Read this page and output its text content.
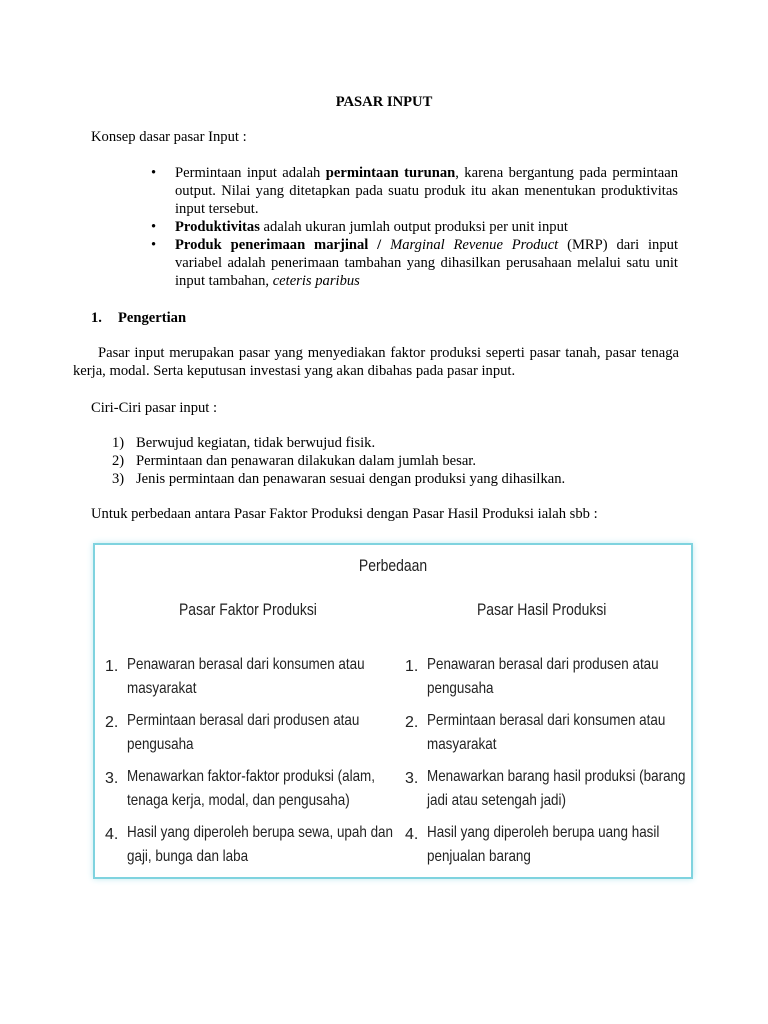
PASAR INPUT
Konsep dasar pasar Input :
• Permintaan input adalah permintaan turunan, karena bergantung pada permintaan output. Nilai yang ditetapkan pada suatu produk itu akan menentukan produktivitas input tersebut.
• Produktivitas adalah ukuran jumlah output produksi per unit input
• Produk penerimaan marjinal / Marginal Revenue Product (MRP) dari input variabel adalah penerimaan tambahan yang dihasilkan perusahaan melalui satu unit input tambahan, ceteris paribus
1. Pengertian
Pasar input merupakan pasar yang menyediakan faktor produksi seperti pasar tanah, pasar tenaga kerja, modal. Serta keputusan investasi yang akan dibahas pada pasar input.
Ciri-Ciri pasar input :
1) Berwujud kegiatan, tidak berwujud fisik.
2) Permintaan dan penawaran dilakukan dalam jumlah besar.
3) Jenis permintaan dan penawaran sesuai dengan produksi yang dihasilkan.
Untuk perbedaan antara Pasar Faktor Produksi dengan Pasar Hasil Produksi ialah sbb :
Perbedaan
Pasar Faktor Produksi	Pasar Hasil Produksi
1. Penawaran berasal dari konsumen atau masyarakat
2. Permintaan berasal dari produsen atau pengusaha
3. Menawarkan faktor-faktor produksi (alam, tenaga kerja, modal, dan pengusaha)
4. Hasil yang diperoleh berupa sewa, upah dan gaji, bunga dan laba
1. Penawaran berasal dari produsen atau pengusaha
2. Permintaan berasal dari konsumen atau masyarakat
3. Menawarkan barang hasil produksi (barang jadi atau setengah jadi)
4. Hasil yang diperoleh berupa uang hasil penjualan barang
